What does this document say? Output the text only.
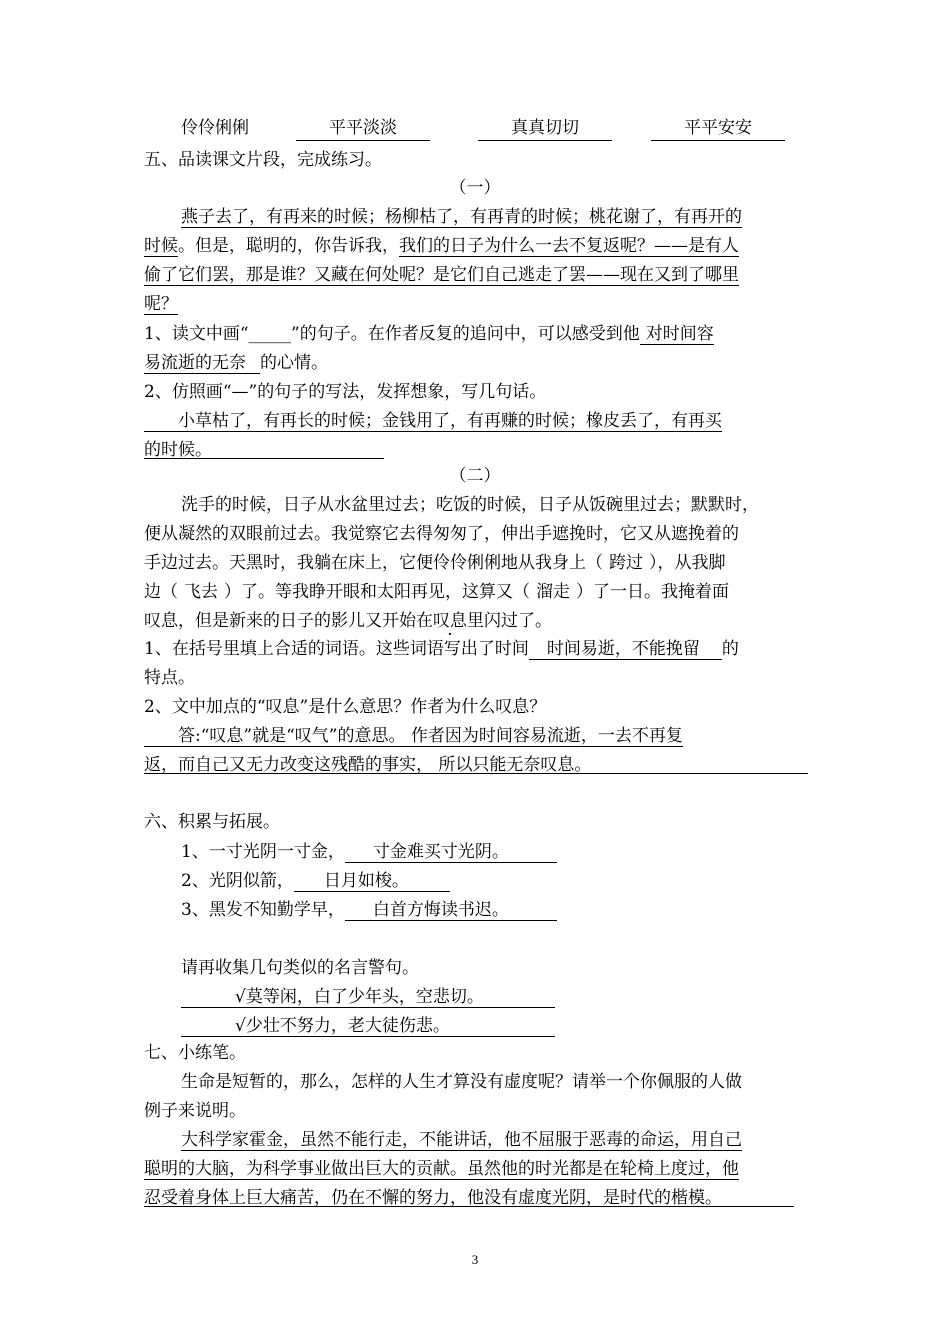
伶伶俐俐	平平淡淡	真真切切	平平安安
五、品读课文片段，完成练习。
（一）
燕子去了，有再来的时候；杨柳枯了，有再青的时候；桃花谢了，有再开的
时候。但是，聪明的，你告诉我，我们的日子为什么一去不复返呢？——是有人
偷了它们罢，那是谁？又藏在何处呢？是它们自己逃走了罢——现在又到了哪里
呢？
1、读文中画“_____”的句子。在作者反复的追问中，可以感受到他 对时间容
易流逝的无奈 的心情。
2、仿照画“—”的句子的写法，发挥想象，写几句话。
小草枯了，有再长的时候；金钱用了，有再赚的时候；橡皮丢了，有再买
的时候。
（二）
洗手的时候，日子从水盆里过去；吃饭的时候，日子从饭碗里过去；默默时，
便从凝然的双眼前过去。我觉察它去得匆匆了，伸出手遮挽时，它又从遮挽着的
手边过去。天黑时，我躺在床上，它便伶伶俐俐地从我身上（ 跨过 ），从我脚
边（ 飞去 ）了。等我睁开眼和太阳再见，这算又（ 溜走 ）了一日。我掩着面
叹息，但是新来的日子的影儿又开始在叹息里闪过了。
1、在括号里填上合适的词语。这些词语写出了时间 时间易逝，不能挽留 的
特点。
2、文中加点的“叹息”是什么意思？作者为什么叹息？
答:“叹息”就是“叹气”的意思。 作者因为时间容易流逝，一去不再复
返，而自己又无力改变这残酷的事实， 所以只能无奈叹息。
六、积累与拓展。
1、一寸光阴一寸金， 寸金难买寸光阴。
2、光阴似箭， 日月如梭。
3、黑发不知勤学早， 白首方悔读书迟。
请再收集几句类似的名言警句。
√莫等闲，白了少年头，空悲切。
√少壮不努力，老大徒伤悲。
七、小练笔。
生命是短暂的，那么，怎样的人生才算没有虚度呢？请举一个你佩服的人做
例子来说明。
大科学家霍金，虽然不能行走，不能讲话，他不屈服于恶毒的命运，用自己
聪明的大脑，为科学事业做出巨大的贡献。虽然他的时光都是在轮椅上度过，他
忍受着身体上巨大痛苦，仍在不懈的努力，他没有虚度光阴，是时代的楷模。
3
